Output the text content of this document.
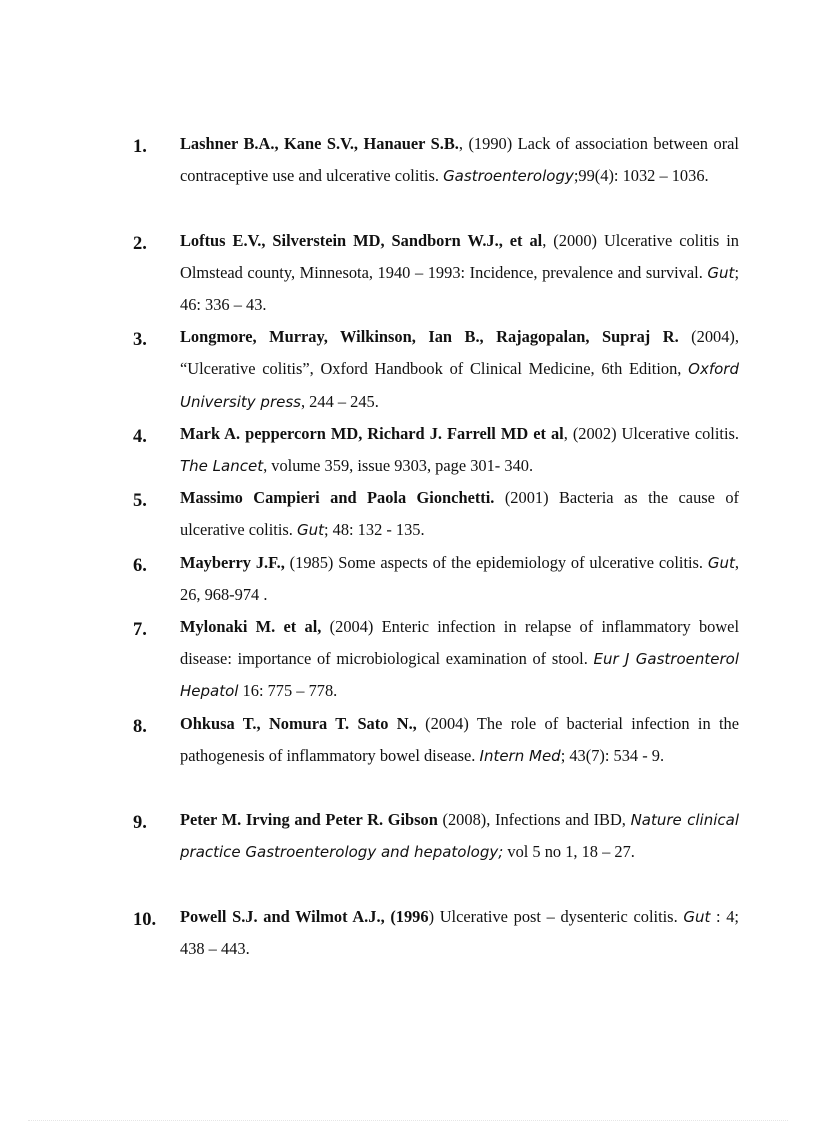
1. Lashner B.A., Kane S.V., Hanauer S.B., (1990) Lack of association between oral contraceptive use and ulcerative colitis. Gastroenterology;99(4): 1032 – 1036.
2. Loftus E.V., Silverstein MD, Sandborn W.J., et al, (2000) Ulcerative colitis in Olmstead county, Minnesota, 1940 – 1993: Incidence, prevalence and survival. Gut; 46: 336 – 43.
3. Longmore, Murray, Wilkinson, Ian B., Rajagopalan, Supraj R. (2004), “Ulcerative colitis”, Oxford Handbook of Clinical Medicine, 6th Edition, Oxford University press, 244 – 245.
4. Mark A. peppercorn MD, Richard J. Farrell MD et al, (2002) Ulcerative colitis. The Lancet, volume 359, issue 9303, page 301- 340.
5. Massimo Campieri and Paola Gionchetti. (2001) Bacteria as the cause of ulcerative colitis. Gut; 48: 132 - 135.
6. Mayberry J.F., (1985) Some aspects of the epidemiology of ulcerative colitis. Gut, 26, 968-974 .
7. Mylonaki M. et al, (2004) Enteric infection in relapse of inflammatory bowel disease: importance of microbiological examination of stool. Eur J Gastroenterol Hepatol 16: 775 – 778.
8. Ohkusa T., Nomura T. Sato N., (2004) The role of bacterial infection in the pathogenesis of inflammatory bowel disease. Intern Med; 43(7): 534 - 9.
9. Peter M. Irving and Peter R. Gibson (2008), Infections and IBD, Nature clinical practice Gastroenterology and hepatology; vol 5 no 1, 18 – 27.
10. Powell S.J. and Wilmot A.J., (1996) Ulcerative post – dysenteric colitis. Gut : 4; 438 – 443.
